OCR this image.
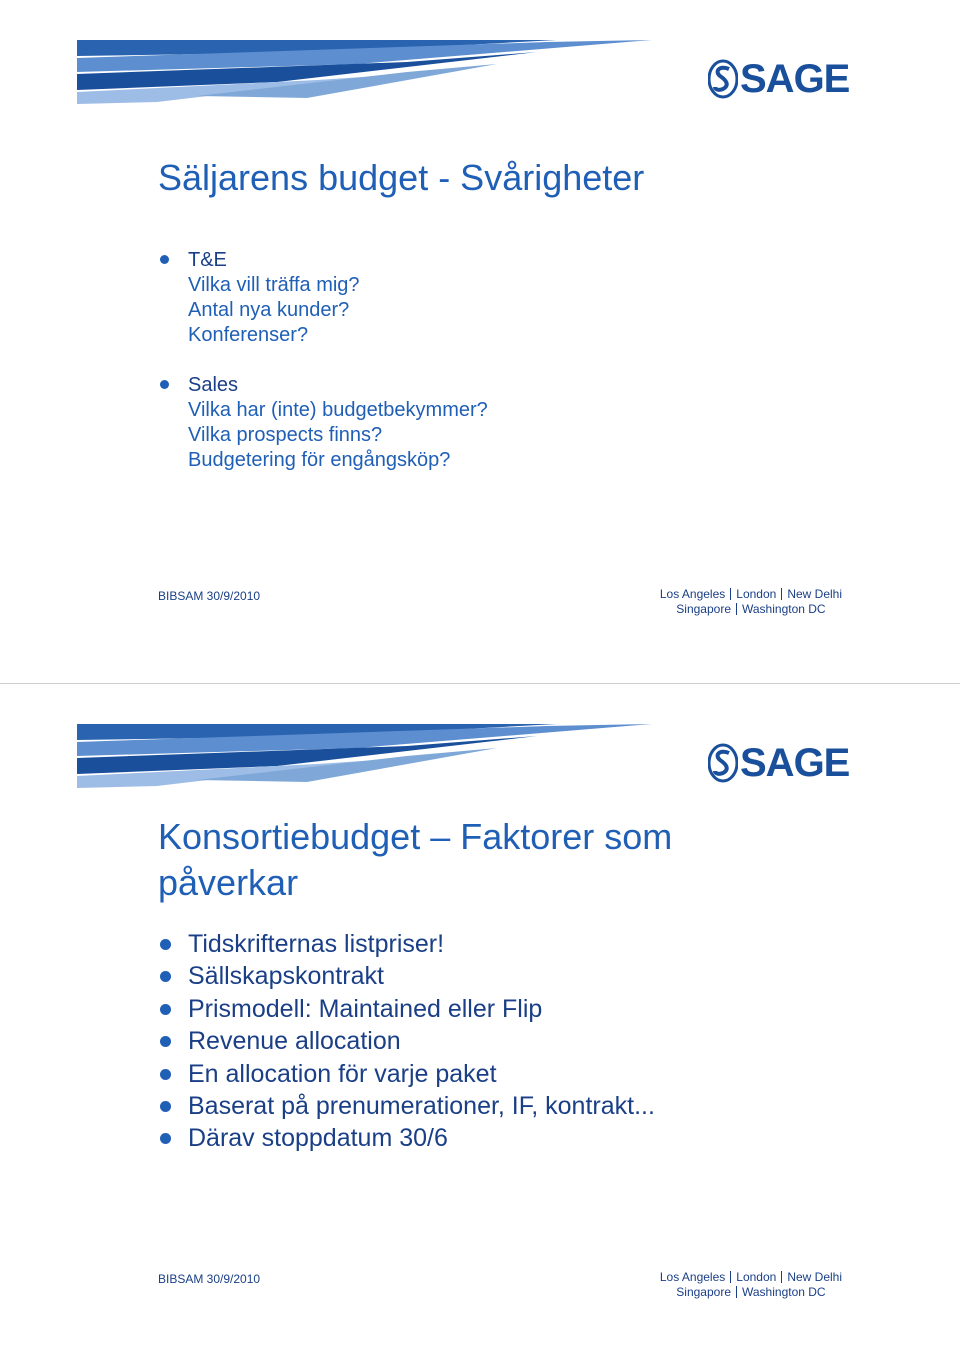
SAGE
Säljarens budget - Svårigheter
T&E
Vilka vill träffa mig?
Antal nya kunder?
Konferenser?
Sales
Vilka har (inte) budgetbekymmer?
Vilka prospects finns?
Budgetering för engångsköp?
BIBSAM 30/9/2010	Los Angeles London New Delhi
Singapore Washington DC
SAGE
Konsortiebudget – Faktorer som påverkar
Tidskrifternas listpriser!
Sällskapskontrakt
Prismodell: Maintained eller Flip
Revenue allocation
En allocation för varje paket
Baserat på prenumerationer, IF, kontrakt...
Därav stoppdatum 30/6
BIBSAM 30/9/2010	Los Angeles London New Delhi
Singapore Washington DC
